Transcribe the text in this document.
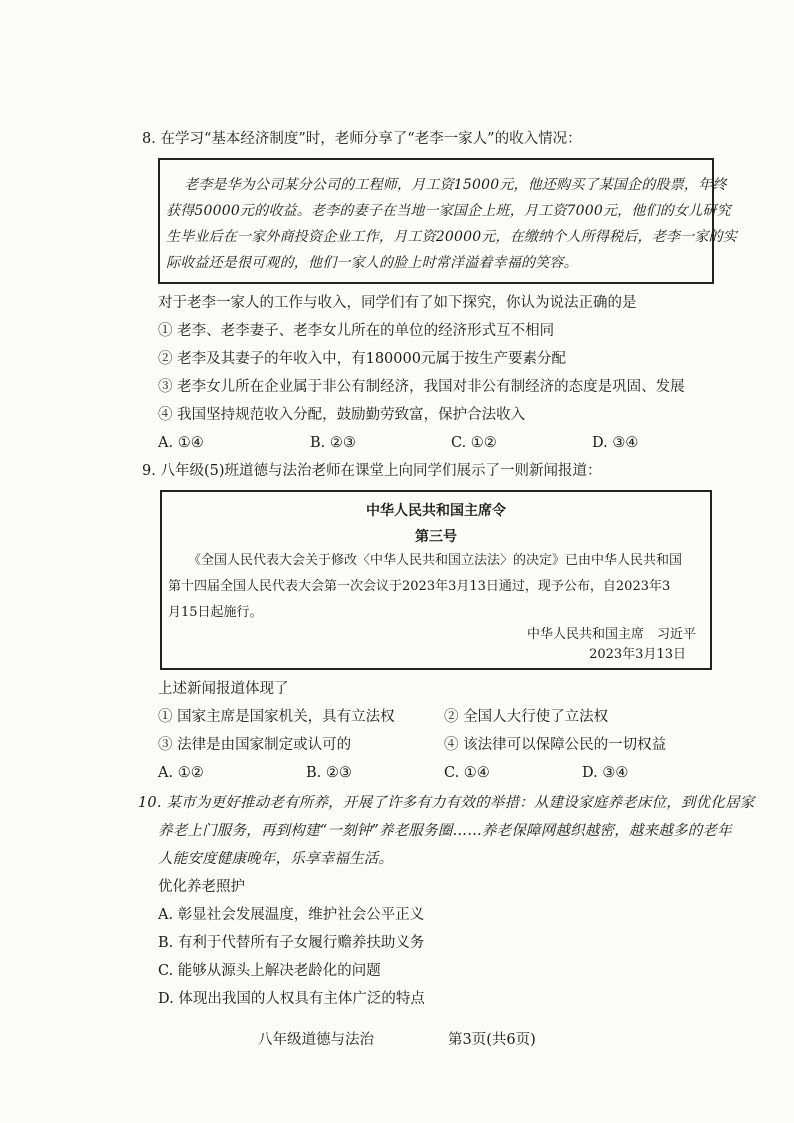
8. 在学习“基本经济制度”时，老师分享了“老李一家人”的收入情况：
老李是华为公司某分公司的工程师，月工资15000元，他还购买了某国企的股票，年终
获得50000元的收益。老李的妻子在当地一家国企上班，月工资7000元，他们的女儿研究
生毕业后在一家外商投资企业工作，月工资20000元，在缴纳个人所得税后，老李一家的实
际收益还是很可观的，他们一家人的脸上时常洋溢着幸福的笑容。
对于老李一家人的工作与收入，同学们有了如下探究，你认为说法正确的是
① 老李、老李妻子、老李女儿所在的单位的经济形式互不相同
② 老李及其妻子的年收入中，有180000元属于按生产要素分配
③ 老李女儿所在企业属于非公有制经济，我国对非公有制经济的态度是巩固、发展
④ 我国坚持规范收入分配，鼓励勤劳致富，保护合法收入
A. ①④	B. ②③	C. ①②	D. ③④
9. 八年级(5)班道德与法治老师在课堂上向同学们展示了一则新闻报道：
中华人民共和国主席令
第三号
《全国人民代表大会关于修改〈中华人民共和国立法法〉的决定》已由中华人民共和国
第十四届全国人民代表大会第一次会议于2023年3月13日通过，现予公布，自2023年3
月15日起施行。
中华人民共和国主席　习近平
2023年3月13日
上述新闻报道体现了
① 国家主席是国家机关，具有立法权	② 全国人大行使了立法权
③ 法律是由国家制定或认可的	④ 该法律可以保障公民的一切权益
A. ①②	B. ②③	C. ①④	D. ③④
10. 某市为更好推动老有所养，开展了许多有力有效的举措：从建设家庭养老床位，到优化居家
养老上门服务，再到构建“一刻钟”养老服务圈……养老保障网越织越密，越来越多的老年
人能安度健康晚年，乐享幸福生活。
优化养老照护
A. 彰显社会发展温度，维护社会公平正义
B. 有利于代替所有子女履行赡养扶助义务
C. 能够从源头上解决老龄化的问题
D. 体现出我国的人权具有主体广泛的特点
八年级道德与法治	第3页(共6页)
